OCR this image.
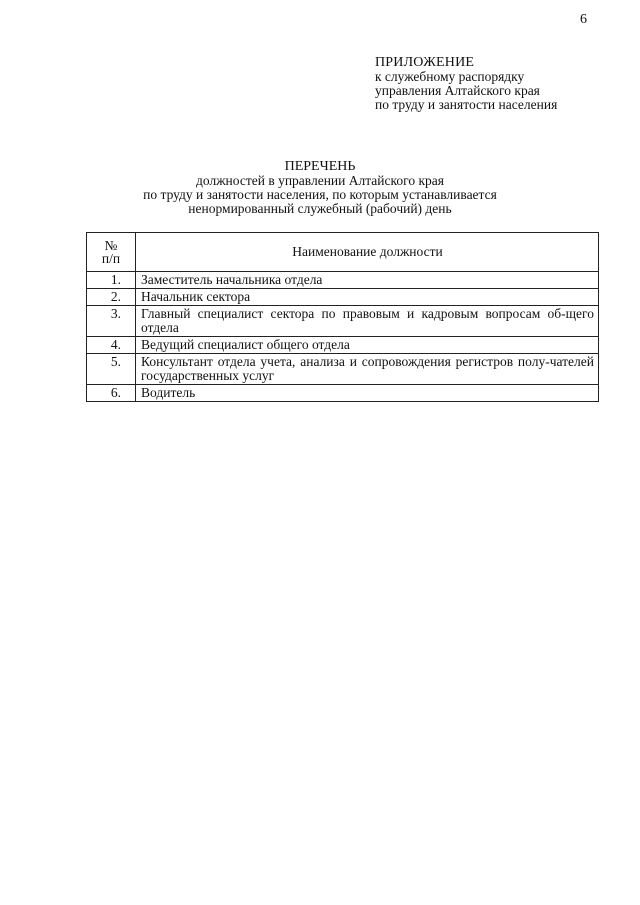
6
ПРИЛОЖЕНИЕ
к служебному распорядку
управления Алтайского края
по труду и занятости населения
ПЕРЕЧЕНЬ
должностей в управлении Алтайского края
по труду и занятости населения, по которым устанавливается
ненормированный служебный (рабочий) день
№
п/п	Наименование должности
1.	Заместитель начальника отдела
2.	Начальник сектора
3.	Главный специалист сектора по правовым и кадровым вопросам об-щего отдела
4.	Ведущий специалист общего отдела
5.	Консультант отдела учета, анализа и сопровождения регистров полу-чателей государственных услуг
6.	Водитель
